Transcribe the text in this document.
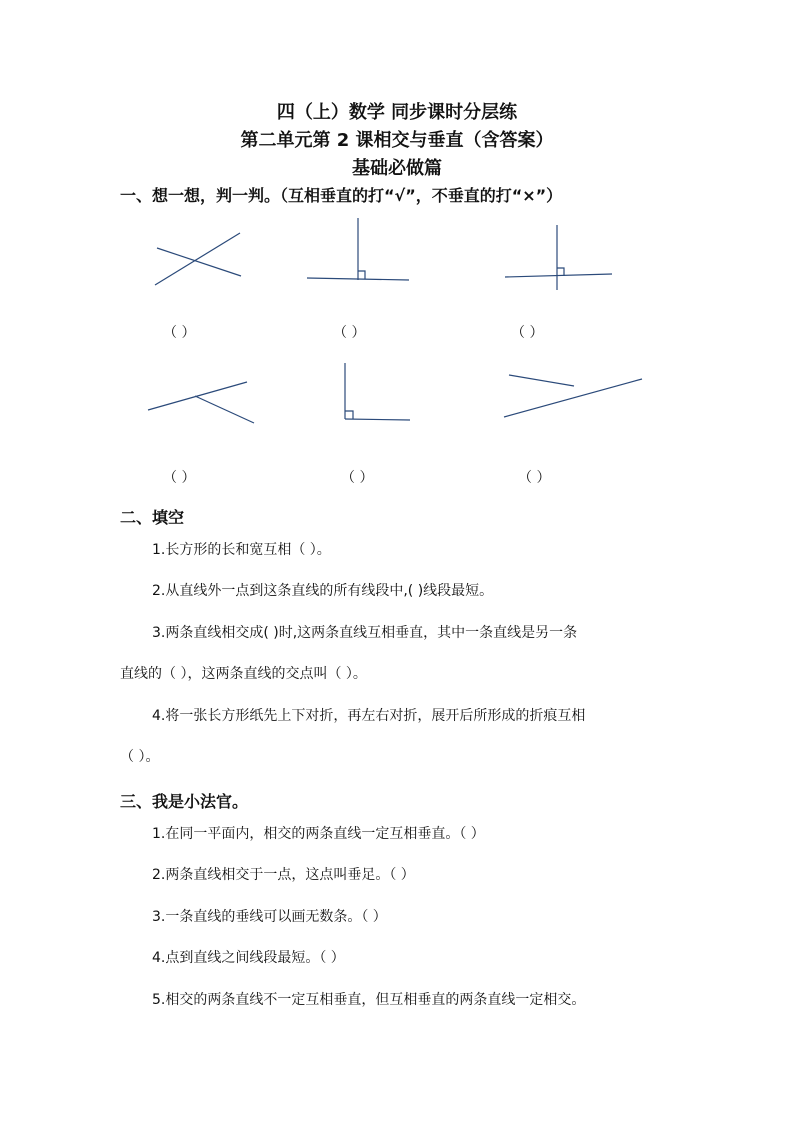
四（上）数学 同步课时分层练
第二单元第 2 课相交与垂直（含答案）
基础必做篇
一、想一想，判一判。（互相垂直的打“√”，不垂直的打“×”）
（ ）	（ ）	（ ）
（ ）	（ ）	（ ）
二、填空
1.长方形的长和宽互相（ ）。
2.从直线外一点到这条直线的所有线段中,( )线段最短。
3.两条直线相交成( )时,这两条直线互相垂直，其中一条直线是另一条
直线的（ ），这两条直线的交点叫（ ）。
4.将一张长方形纸先上下对折，再左右对折，展开后所形成的折痕互相
（ ）。
三、我是小法官。
1.在同一平面内，相交的两条直线一定互相垂直。（ ）
2.两条直线相交于一点，这点叫垂足。（ ）
3.一条直线的垂线可以画无数条。（ ）
4.点到直线之间线段最短。（ ）
5.相交的两条直线不一定互相垂直，但互相垂直的两条直线一定相交。
